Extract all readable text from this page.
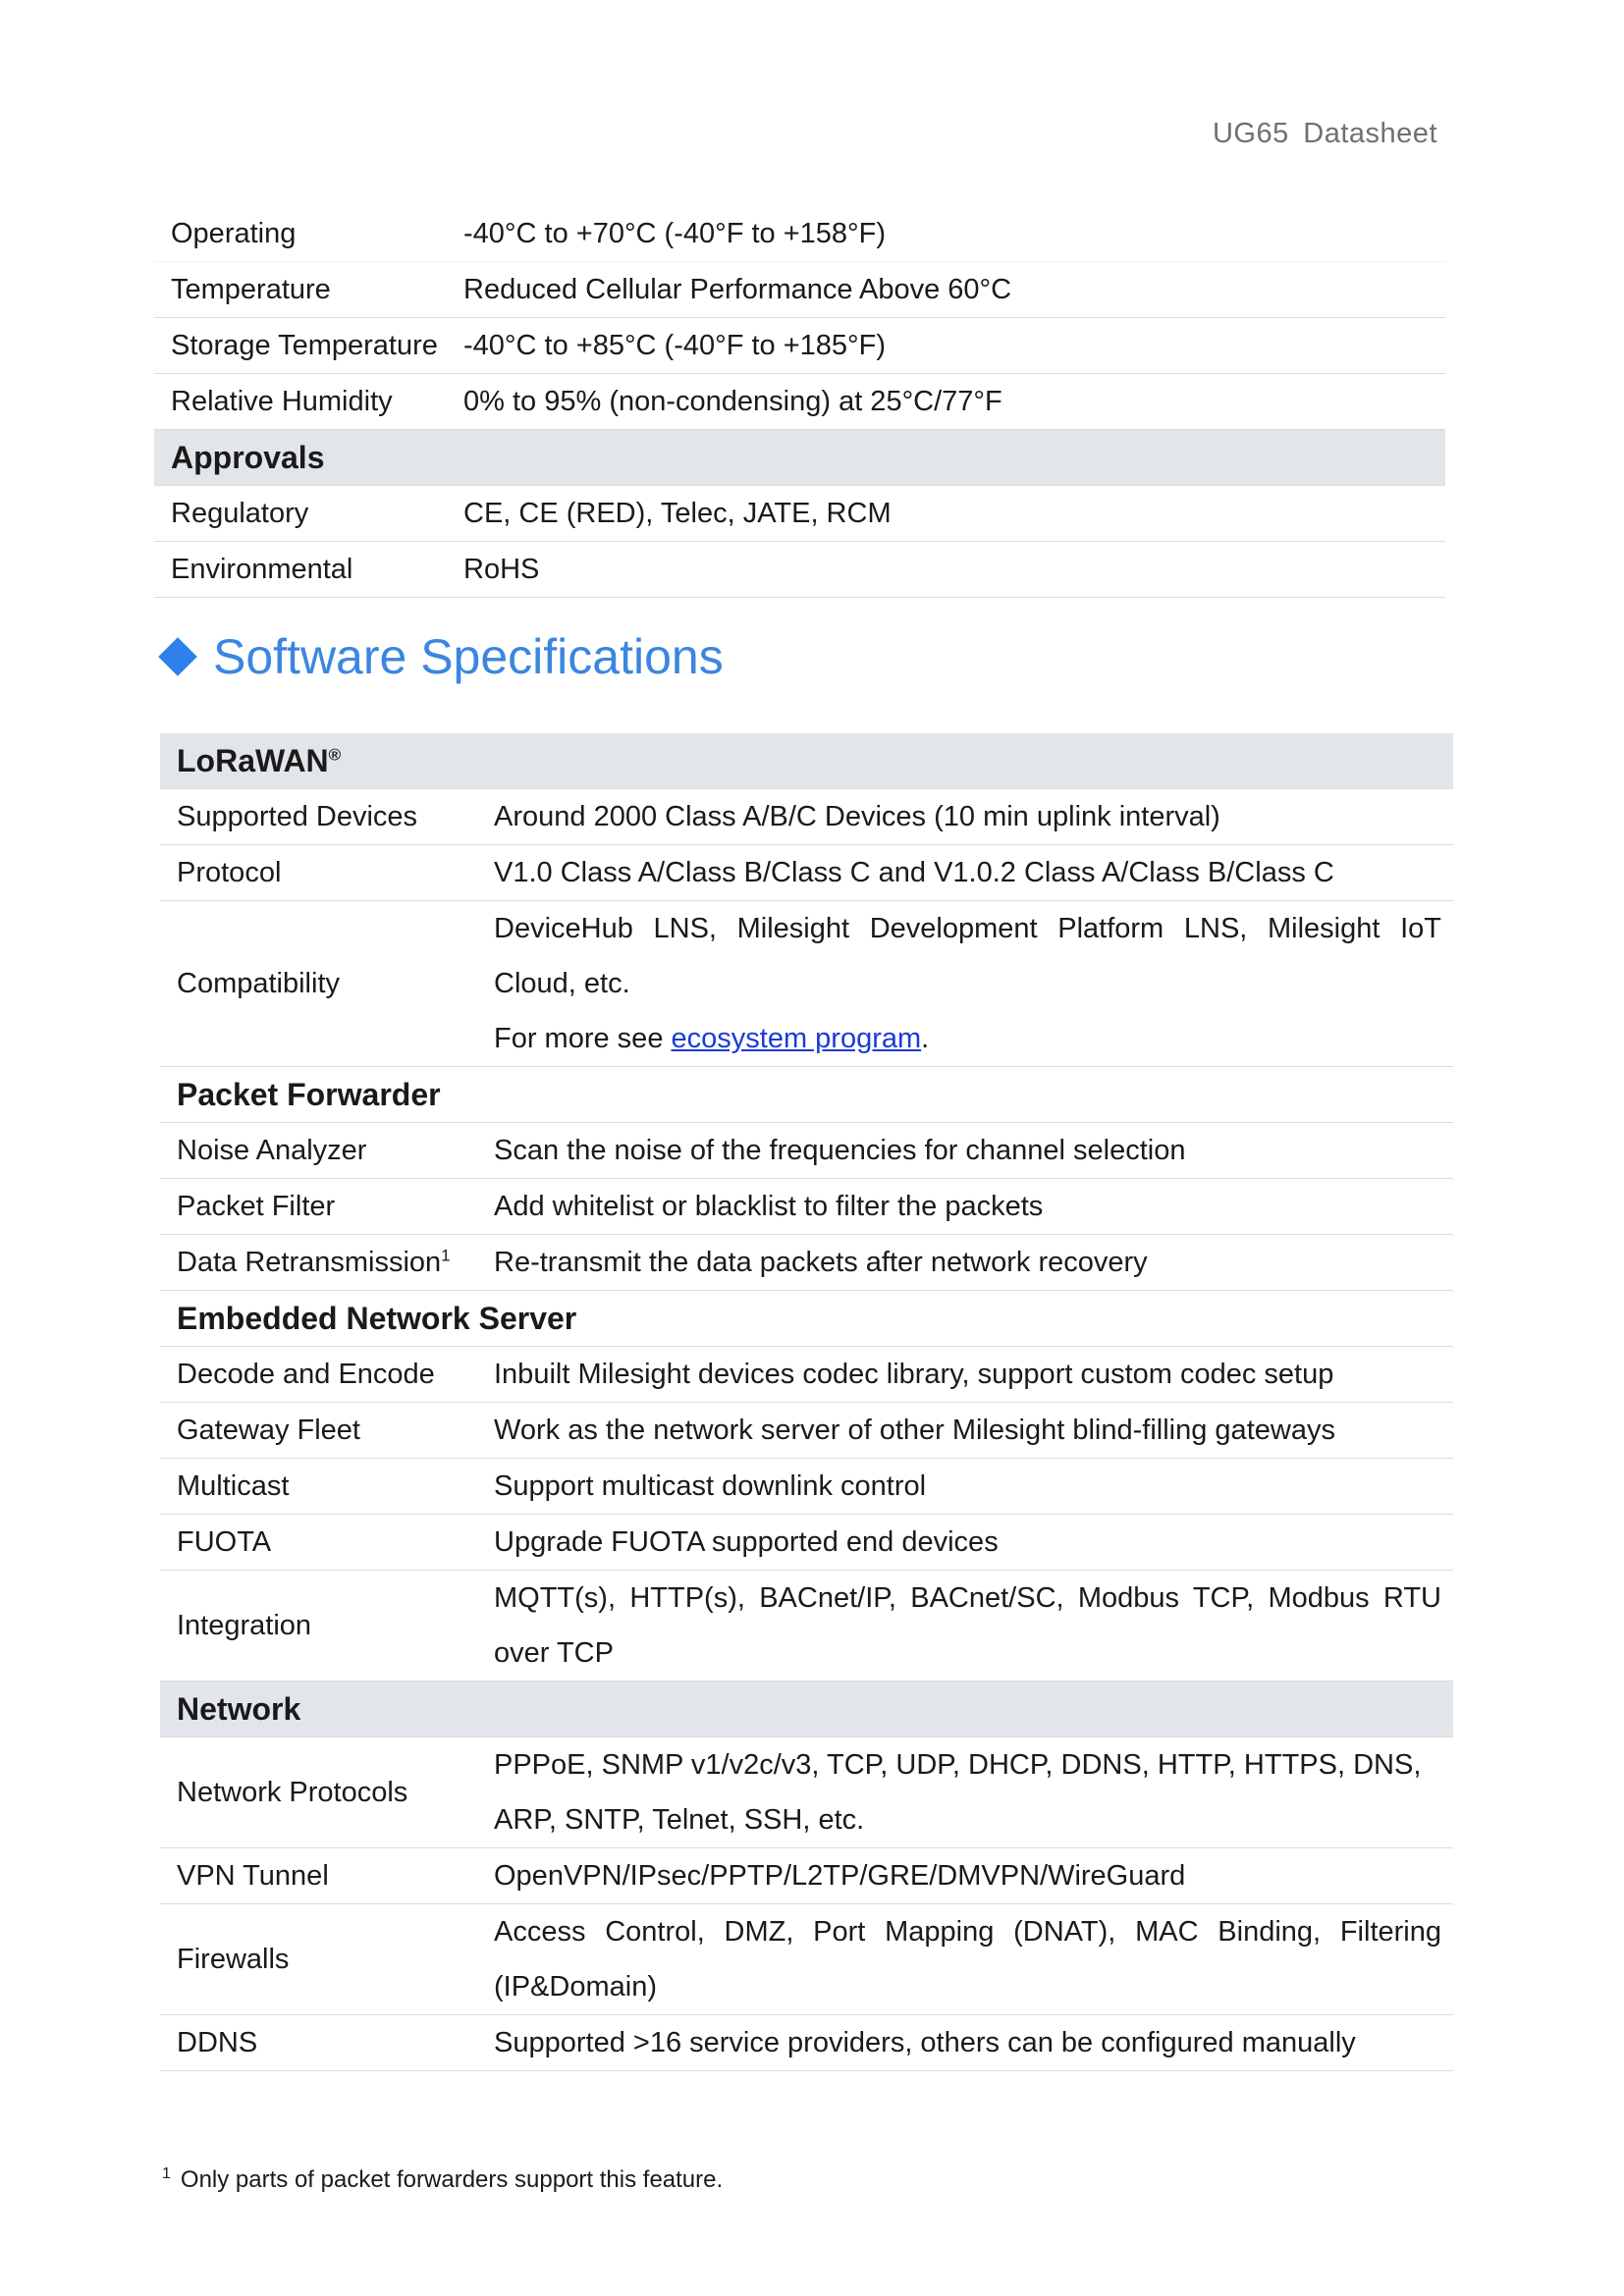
UG65 Datasheet
Operating	-40°C to +70°C (-40°F to +158°F)
Temperature	Reduced Cellular Performance Above 60°C
Storage Temperature	-40°C to +85°C (-40°F to +185°F)
Relative Humidity	0% to 95% (non-condensing) at 25°C/77°F
Approvals	
Regulatory	CE, CE (RED), Telec, JATE, RCM
Environmental	RoHS
Software Specifications
LoRaWAN®
Supported Devices	Around 2000 Class A/B/C Devices (10 min uplink interval)
Protocol	V1.0 Class A/Class B/Class C and V1.0.2 Class A/Class B/Class C
Compatibility	DeviceHub LNS, Milesight Development Platform LNS, Milesight IoT Cloud, etc.
For more see ecosystem program.

Packet Forwarder	
Noise Analyzer	Scan the noise of the frequencies for channel selection
Packet Filter	Add whitelist or blacklist to filter the packets
Data Retransmission$^1$	Re-transmit the data packets after network recovery
Embedded Network Server	
Decode and Encode	Inbuilt Milesight devices codec library, support custom codec setup
Gateway Fleet	Work as the network server of other Milesight blind-filling gateways
Multicast	Support multicast downlink control
FUOTA	Upgrade FUOTA supported end devices
Integration	MQTT(s), HTTP(s), BACnet/IP, BACnet/SC, Modbus TCP, Modbus RTU over TCP
Network	
Network Protocols	PPPoE, SNMP v1/v2c/v3, TCP, UDP, DHCP, DDNS, HTTP, HTTPS, DNS, ARP, SNTP, Telnet, SSH, etc.
VPN Tunnel	OpenVPN/IPsec/PPTP/L2TP/GRE/DMVPN/WireGuard
Firewalls	Access Control, DMZ, Port Mapping (DNAT), MAC Binding, Filtering (IP&Domain)
DDNS	Supported >16 service providers, others can be configured manually
$^1$ Only parts of packet forwarders support this feature.
